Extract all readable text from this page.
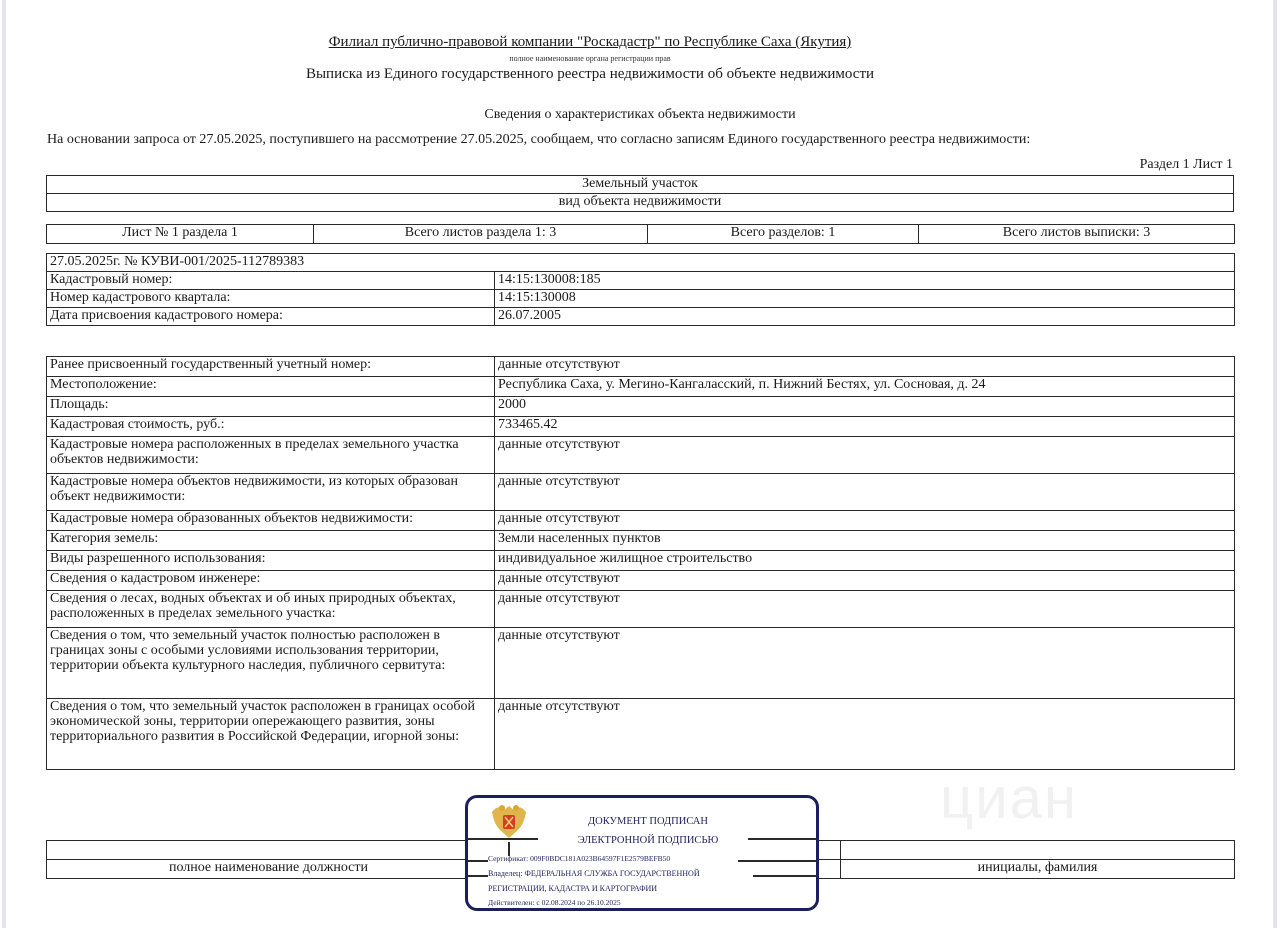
Филиал публично-правовой компании "Роскадастр" по Республике Саха (Якутия)
полное наименование органа регистрации прав
Выписка из Единого государственного реестра недвижимости об объекте недвижимости
Сведения о характеристиках объекта недвижимости
На основании запроса от 27.05.2025, поступившего на рассмотрение 27.05.2025, сообщаем, что согласно записям Единого государственного реестра недвижимости:
Раздел 1 Лист 1
Земельный участок
вид объекта недвижимости
Лист № 1 раздела 1	Всего листов раздела 1: 3	Всего разделов: 1	Всего листов выписки: 3
27.05.2025г. № КУВИ-001/2025-112789383	
Кадастровый номер:	14:15:130008:185
Номер кадастрового квартала:	14:15:130008
Дата присвоения кадастрового номера:	26.07.2005
Ранее присвоенный государственный учетный номер:	данные отсутствуют
Местоположение:	Республика Саха, у. Мегино-Кангаласский, п. Нижний Бестях, ул. Сосновая, д. 24
Площадь:	2000
Кадастровая стоимость, руб.:	733465.42
Кадастровые номера расположенных в пределах земельного участка объектов недвижимости:	данные отсутствуют
Кадастровые номера объектов недвижимости, из которых образован объект недвижимости:	данные отсутствуют
Кадастровые номера образованных объектов недвижимости:	данные отсутствуют
Категория земель:	Земли населенных пунктов
Виды разрешенного использования:	индивидуальное жилищное строительство
Сведения о кадастровом инженере:	данные отсутствуют
Сведения о лесах, водных объектах и об иных природных объектах, расположенных в пределах земельного участка:	данные отсутствуют
Сведения о том, что земельный участок полностью расположен в границах зоны с особыми условиями использования территории, территории объекта культурного наследия, публичного сервитута:	данные отсутствуют
Сведения о том, что земельный участок расположен в границах особой экономической зоны, территории опережающего развития, зоны территориального развития в Российской Федерации, игорной зоны:	данные отсутствуют
циан

полное наименование должности		инициалы, фамилия
ДОКУМЕНТ ПОДПИСАН
ЭЛЕКТРОННОЙ ПОДПИСЬЮ
Сертификат: 009F0BDC181A023B64597F1E2579BEFB50
Владелец: ФЕДЕРАЛЬНАЯ СЛУЖБА ГОСУДАРСТВЕННОЙ
РЕГИСТРАЦИИ, КАДАСТРА И КАРТОГРАФИИ
Действителен: с 02.08.2024 по 26.10.2025
